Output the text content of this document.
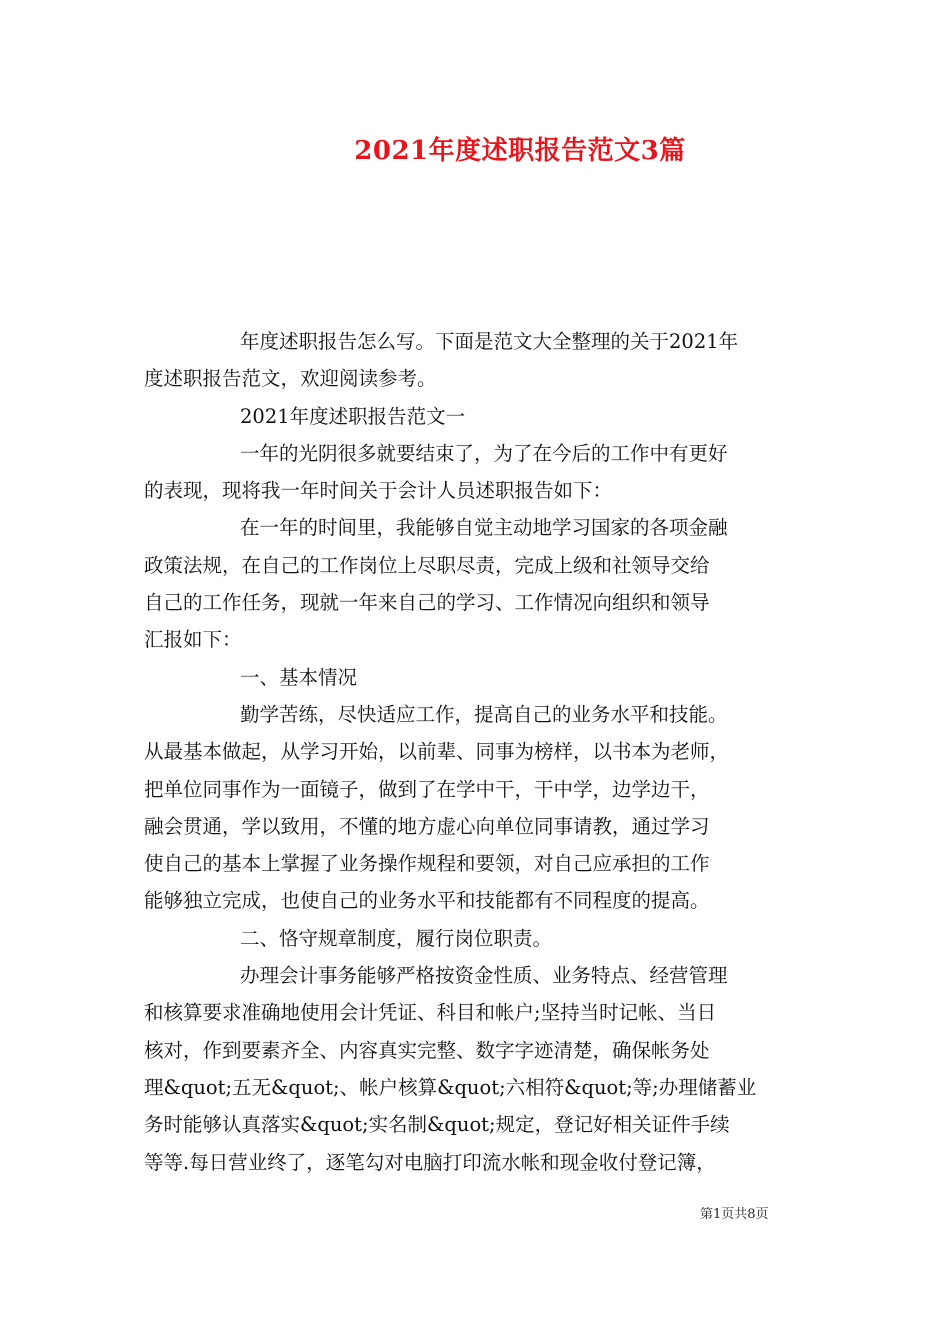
2021年度述职报告范文3篇
年度述职报告怎么写。下面是范文大全整理的关于2021年
度述职报告范文，欢迎阅读参考。
2021年度述职报告范文一
一年的光阴很多就要结束了，为了在今后的工作中有更好
的表现，现将我一年时间关于会计人员述职报告如下：
在一年的时间里，我能够自觉主动地学习国家的各项金融
政策法规，在自己的工作岗位上尽职尽责，完成上级和社领导交给
自己的工作任务，现就一年来自己的学习、工作情况向组织和领导
汇报如下：
一、基本情况
勤学苦练，尽快适应工作，提高自己的业务水平和技能。
从最基本做起，从学习开始，以前辈、同事为榜样，以书本为老师，
把单位同事作为一面镜子，做到了在学中干，干中学，边学边干，
融会贯通，学以致用，不懂的地方虚心向单位同事请教，通过学习
使自己的基本上掌握了业务操作规程和要领，对自己应承担的工作
能够独立完成，也使自己的业务水平和技能都有不同程度的提高。
二、恪守规章制度，履行岗位职责。
办理会计事务能够严格按资金性质、业务特点、经营管理
和核算要求准确地使用会计凭证、科目和帐户;坚持当时记帐、当日
核对，作到要素齐全、内容真实完整、数字字迹清楚，确保帐务处
理&quot;五无&quot;、帐户核算&quot;六相符&quot;等;办理储蓄业
务时能够认真落实&quot;实名制&quot;规定，登记好相关证件手续
等等.每日营业终了，逐笔勾对电脑打印流水帐和现金收付登记簿，
第1页共8页
